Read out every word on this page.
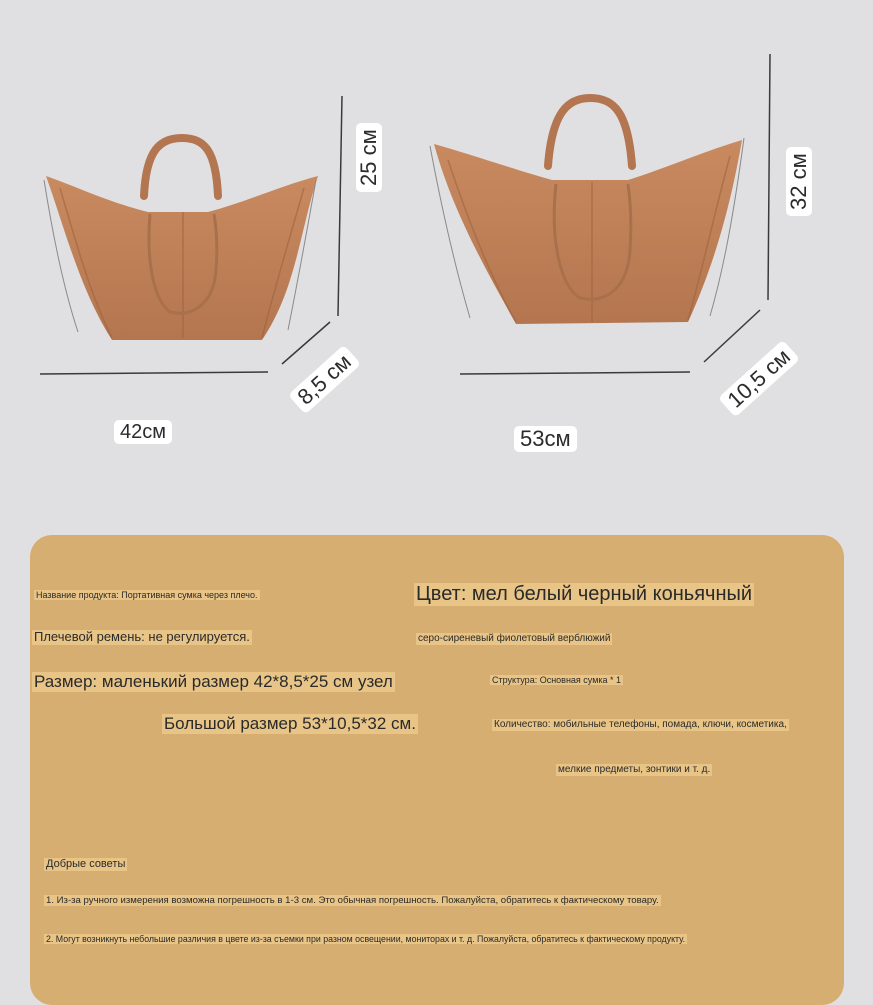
25 см
8,5 см
42см
32 см
10,5 см
53см
Название продукта: Портативная сумка через плечо.
Плечевой ремень: не регулируется.
Размер: маленький размер 42*8,5*25 см узел
Большой размер 53*10,5*32 см.
Цвет: мел белый черный коньячный
серо-сиреневый фиолетовый верблюжий
Структура: Основная сумка * 1
Количество: мобильные телефоны, помада, ключи, косметика,
мелкие предметы, зонтики и т. д.
Добрые советы
1. Из-за ручного измерения возможна погрешность в 1-3 см. Это обычная погрешность. Пожалуйста, обратитесь к фактическому товару.
2. Могут возникнуть небольшие различия в цвете из-за съемки при разном освещении, мониторах и т. д. Пожалуйста, обратитесь к фактическому продукту.
